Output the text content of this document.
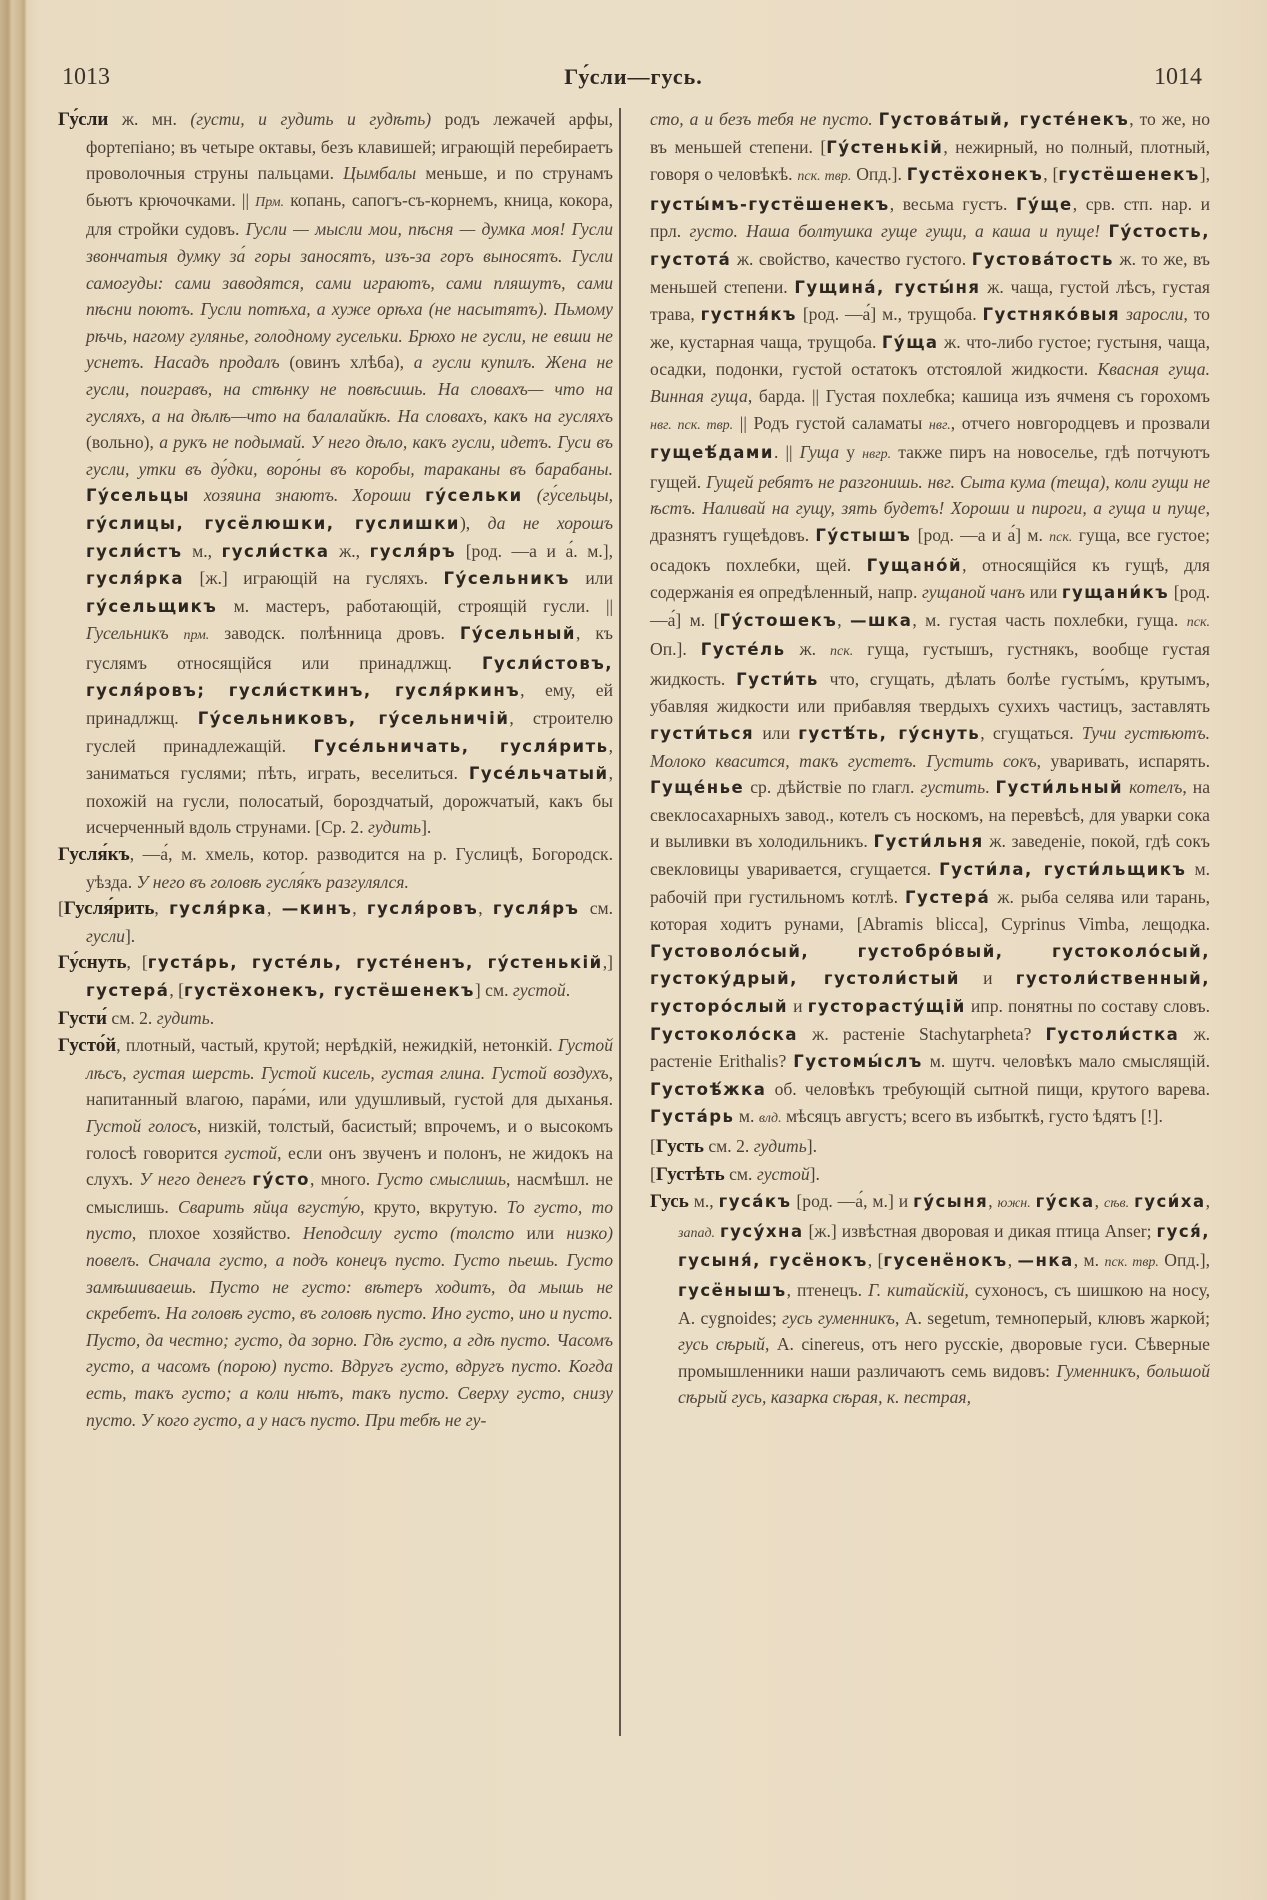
1013	Гу́сли—гусь.	1014

Гу́сли ж. мн. (густи, и гудить и гудѣть) родъ лежачей арфы, фортепіано; въ четыре октавы, безъ клавишей; играющій перебираетъ проволочныя струны пальцами. Цымбалы меньше, и по струнамъ бьютъ крючочками. || Прм. копань, сапогъ-съ-корнемъ, кница, кокора, для стройки судовъ. Гусли — мысли мои, пѣсня — думка моя! Гусли звончатыя думку за́ горы заносятъ, изъ-за горъ выносятъ. Гусли самогуды: сами заводятся, сами играютъ, сами пляшутъ, сами пѣсни поютъ. Гусли потѣха, а хуже орѣха (не насытятъ). Пьмому рѣчь, нагому гулянье, голодному гусельки. Брюхо не гусли, не евши не уснетъ. Насадъ продалъ (овинъ хлѣба), а гусли купилъ. Жена не гусли, поигравъ, на стѣнку не повѣсишь. На словахъ— что на гусляхъ, а на дѣлѣ—что на балалайкѣ. На словахъ, какъ на гусляхъ (вольно), а рукъ не подымай. У него дѣло, какъ гусли, идетъ. Гуси въ гусли, утки въ ду́дки, воро́ны въ коробы, тараканы въ барабаны. Гу́сельцы хозяина знаютъ. Хороши гу́сельки (гу́сельцы, гу́слицы, гусёлюшки, гуслишки), да не хорошъ гусли́стъ м., гусли́стка ж., гусля́ръ [род. —а и а́. м.], гусля́рка [ж.] играющій на гусляхъ. Гу́сельникъ или гу́сельщикъ м. мастеръ, работающій, строящій гусли. || Гусельникъ прм. заводск. полѣнница дровъ. Гу́сельный, къ гуслямъ относящійся или принадлжщ. Гусли́стовъ, гусля́ровъ; гусли́сткинъ, гусля́ркинъ, ему, ей принадлжщ. Гу́сельниковъ, гу́сельничій, строителю гуслей принадлежащій. Гусе́льничать, гусля́рить, заниматься гуслями; пѣть, играть, веселиться. Гусе́льчатый, похожій на гусли, полосатый, бороздчатый, дорожчатый, какъ бы исчерченный вдоль струнами. [Ср. 2. гудить].

Гусля́къ, —а́, м. хмель, котор. разводится на р. Гуслицѣ, Богородск. уѣзда. У него въ головѣ гусля́къ разгулялся.

[Гусля́рить, гусля́рка, —кинъ, гусля́ровъ, гусля́ръ см. гусли].

Гу́снуть, [густа́рь, густе́ль, густе́ненъ, гу́стенькій,] густера́, [густёхонекъ, густёшенекъ] см. густой.

Густи́ см. 2. гудить.

Густо́й, плотный, частый, крутой; нерѣдкій, нежидкій, нетонкій. Густой лѣсъ, густая шерсть. Густой кисель, густая глина. Густой воздухъ, напитанный влагою, пара́ми, или удушливый, густой для дыханья. Густой голосъ, низкій, толстый, басистый; впрочемъ, и о высокомъ голосѣ говорится густой, если онъ звученъ и полонъ, не жидокъ на слухъ. У него денегъ гу́сто, много. Густо смыслишь, насмѣшл. не смыслишь. Сварить яйца вгусту́ю, круто, вкрутую. То густо, то пусто, плохое хозяйство. Неподсилу густо (толсто или низко) повелъ. Сначала густо, а подъ конецъ пусто. Густо пьешь. Густо замѣшиваешь. Пусто не густо: вѣтеръ ходитъ, да мышь не скребетъ. На головѣ густо, въ головѣ пусто. Ино густо, ино и пусто. Пусто, да честно; густо, да зорно. Гдѣ густо, а гдѣ пусто. Часомъ густо, а часомъ (порою) пусто. Вдругъ густо, вдругъ пусто. Когда есть, такъ густо; а коли нѣтъ, такъ пусто. Сверху густо, снизу пусто. У кого густо, а у насъ пусто. При тебѣ не гу-

сто, а и безъ тебя не пусто. Густова́тый, густе́некъ, то же, но въ меньшей степени. [Гу́стенькій, нежирный, но полный, плотный, говоря о человѣкѣ. пск. твр. Опд.]. Густёхонекъ, [густёшенекъ], густы́мъ-густёшенекъ, весьма густъ. Гу́ще, срв. стп. нар. и прл. густо. Наша болтушка гуще гущи, а каша и пуще! Гу́стость, густота́ ж. свойство, качество густого. Густова́тость ж. то же, въ меньшей степени. Гущина́, густы́ня ж. чаща, густой лѣсъ, густая трава, густня́къ [род. —а́] м., трущоба. Густняко́выя заросли, то же, кустарная чаща, трущоба. Гу́ща ж. что-либо густое; густыня, чаща, осадки, подонки, густой остатокъ отстоялой жидкости. Квасная гуща. Винная гуща, барда. || Густая похлебка; кашица изъ ячменя съ горохомъ нвг. пск. твр. || Родъ густой саламаты нвг., отчего новгородцевъ и прозвали гущеѣ́дами. || Гуща у нвгр. также пиръ на новоселье, гдѣ потчуютъ гущей. Гущей ребятъ не разгонишь. нвг. Сыта кума (теща), коли гущи не ѣстъ. Наливай на гущу, зять будетъ! Хороши и пироги, а гуща и пуще, дразнятъ гущеѣдовъ. Гу́стышъ [род. —а и а́] м. пск. гуща, все густое; осадокъ похлебки, щей. Гущано́й, относящійся къ гущѣ, для содержанія ея опредѣленный, напр. гущаной чанъ или гущани́къ [род. —а́] м. [Гу́стошекъ, —шка, м. густая часть похлебки, гуща. пск. Оп.]. Густе́ль ж. пск. гуща, густышъ, густнякъ, вообще густая жидкость. Густи́ть что, сгущать, дѣлать болѣе густы́мъ, крутымъ, убавляя жидкости или прибавляя твердыхъ сухихъ частицъ, заставлять густи́ться или густѣ́ть, гу́снуть, сгущаться. Тучи густѣютъ. Молоко квасится, такъ густетъ. Густить сокъ, уваривать, испарять. Гуще́нье ср. дѣйствіе по глагл. густить. Густи́льный котелъ, на свеклосахарныхъ завод., котелъ съ носкомъ, на перевѣсѣ, для уварки сока и выливки въ холодильникъ. Густи́льня ж. заведеніе, покой, гдѣ сокъ свекловицы уваривается, сгущается. Густи́ла, густи́льщикъ м. рабочій при густильномъ котлѣ. Густера́ ж. рыба селява или тарань, которая ходитъ рунами, [Abramis blicca], Cyprinus Vimba, лещодка. Густоволо́сый, густобро́вый, густоколо́сый, густоку́дрый, густоли́стый и густоли́ственный, густоро́слый и густорасту́щій ипр. понятны по составу словъ. Густоколо́ска ж. растеніе Stachytarpheta? Густоли́стка ж. растеніе Erithalis? Густомы́слъ м. шутч. человѣкъ мало смыслящій. Густоѣ́жка об. человѣкъ требующій сытной пищи, крутого варева. Густа́рь м. влд. мѣсяцъ августъ; всего въ избыткѣ, густо ѣдятъ [!].

[Густь см. 2. гудить].

[Густѣть см. густой].

Гусь м., гуса́къ [род. —а́, м.] и гу́сыня, южн. гу́ска, сѣв. гуси́ха, запад. гусу́хна [ж.] извѣстная дворовая и дикая птица Anser; гуся́, гусыня́, гусёнокъ, [гусенёнокъ, —нка, м. пск. твр. Опд.], гусёнышъ, птенецъ. Г. китайскій, сухоносъ, съ шишкою на носу, A. cygnoides; гусь гуменникъ, A. segetum, темноперый, клювъ жаркой; гусь сѣрый, A. cinereus, отъ него русскіе, дворовые гуси. Сѣверные промышленники наши различаютъ семь видовъ: Гуменникъ, большой сѣрый гусь, казарка сѣрая, к. пестрая,
